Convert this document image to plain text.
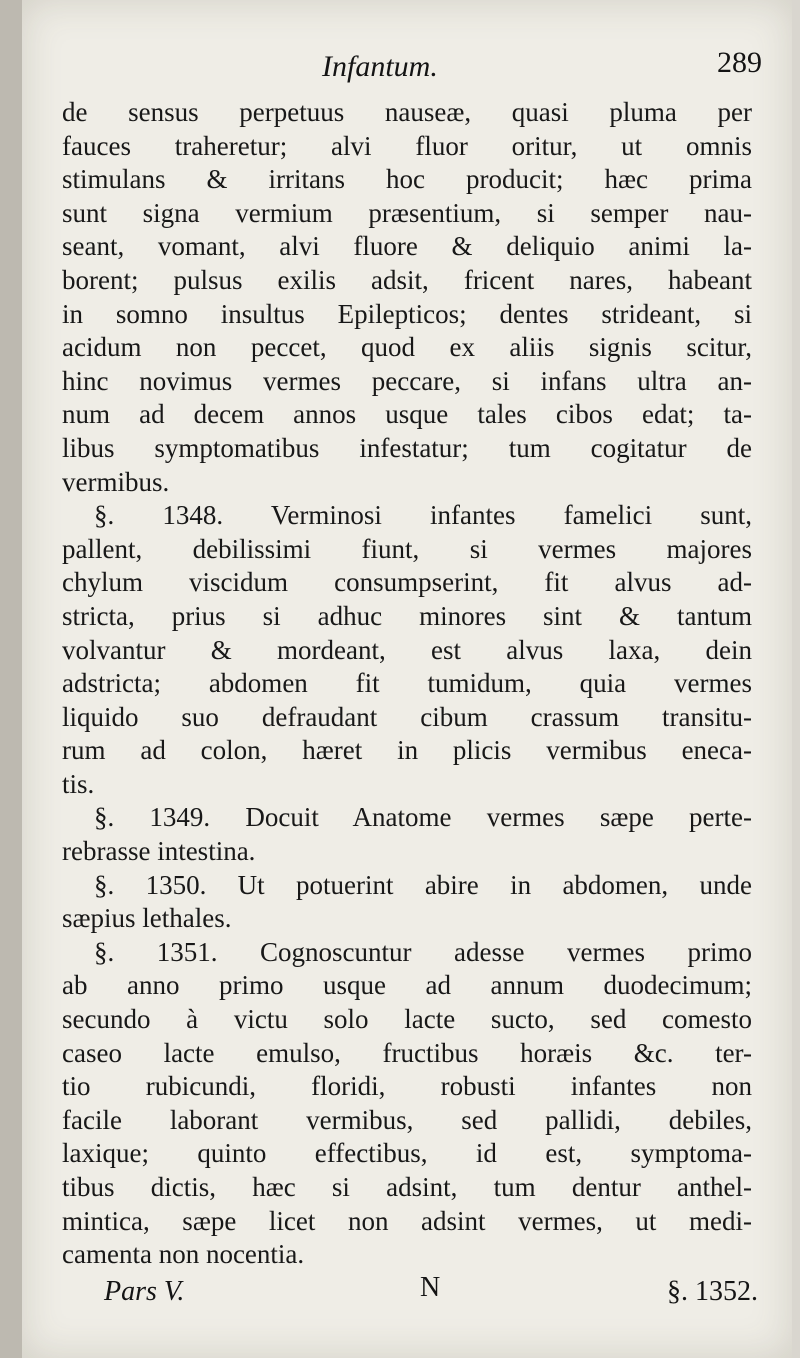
Infantum.	289
de sensus perpetuus nauseæ, quasi pluma per
fauces traheretur; alvi fluor oritur, ut omnis
stimulans & irritans hoc producit; hæc prima
sunt signa vermium præsentium, si semper nau-
seant, vomant, alvi fluore & deliquio animi la-
borent; pulsus exilis adsit, fricent nares, habeant
in somno insultus Epilepticos; dentes strideant, si
acidum non peccet, quod ex aliis signis scitur,
hinc novimus vermes peccare, si infans ultra an-
num ad decem annos usque tales cibos edat; ta-
libus symptomatibus infestatur; tum cogitatur de
vermibus.
§. 1348. Verminosi infantes famelici sunt,
pallent, debilissimi fiunt, si vermes majores
chylum viscidum consumpserint, fit alvus ad-
stricta, prius si adhuc minores sint & tantum
volvantur & mordeant, est alvus laxa, dein
adstricta; abdomen fit tumidum, quia vermes
liquido suo defraudant cibum crassum transitu-
rum ad colon, hæret in plicis vermibus eneca-
tis.
§. 1349. Docuit Anatome vermes sæpe perte-
rebrasse intestina.
§. 1350. Ut potuerint abire in abdomen, unde
sæpius lethales.
§. 1351. Cognoscuntur adesse vermes primo
ab anno primo usque ad annum duodecimum;
secundo à victu solo lacte sucto, sed comesto
caseo lacte emulso, fructibus horæis &c. ter-
tio rubicundi, floridi, robusti infantes non
facile laborant vermibus, sed pallidi, debiles,
laxique; quinto effectibus, id est, symptoma-
tibus dictis, hæc si adsint, tum dentur anthel-
mintica, sæpe licet non adsint vermes, ut medi-
camenta non nocentia.
Pars V.	N	§. 1352.
